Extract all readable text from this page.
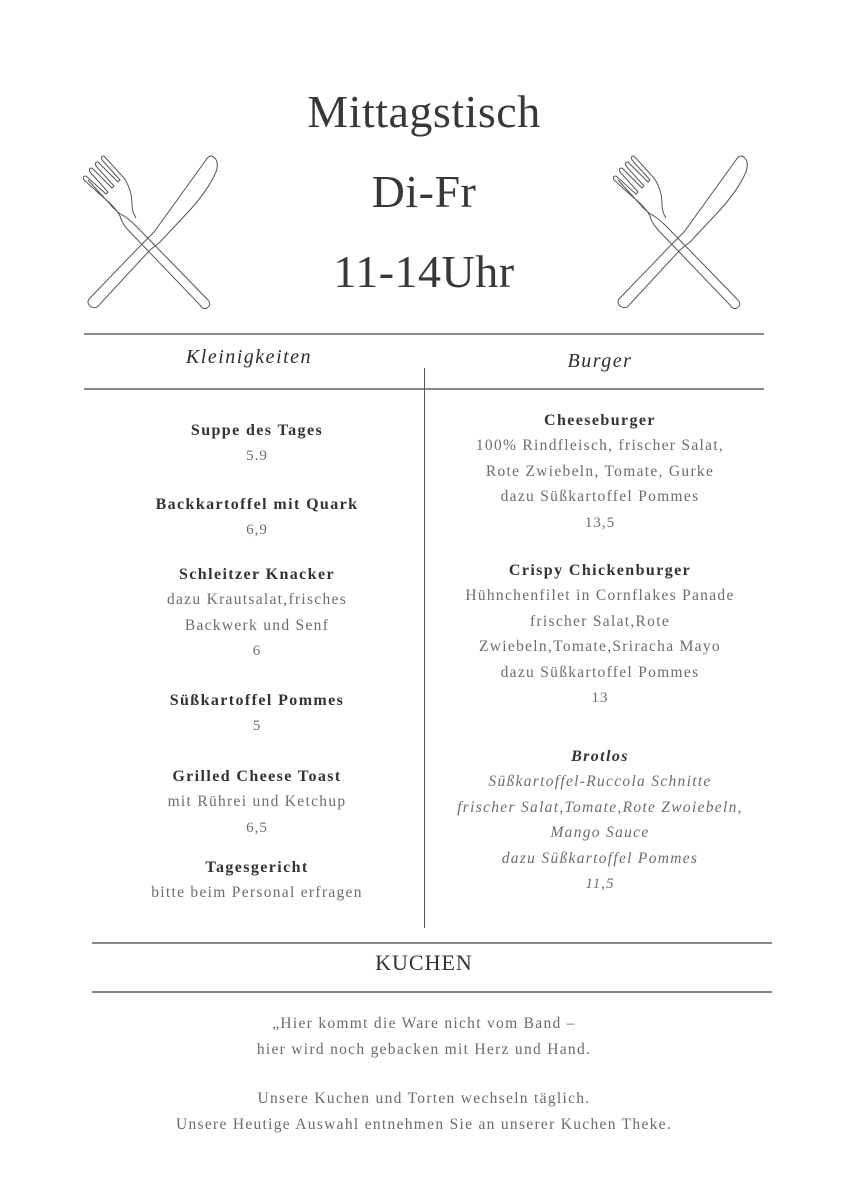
Mittagstisch
Di-Fr
11-14Uhr
Kleinigkeiten	Burger
Suppe des Tages
5.9
Backkartoffel mit Quark
6,9
Schleitzer Knacker
dazu Krautsalat,frisches
Backwerk und Senf
6
Süßkartoffel Pommes
5
Grilled Cheese Toast
mit Rührei und Ketchup
6,5
Tagesgericht
bitte beim Personal erfragen
Cheeseburger
100% Rindfleisch, frischer Salat,
Rote Zwiebeln, Tomate, Gurke
dazu Süßkartoffel Pommes
13,5
Crispy Chickenburger
Hühnchenfilet in Cornflakes Panade
frischer Salat,Rote
Zwiebeln,Tomate,Sriracha Mayo
dazu Süßkartoffel Pommes
13
Brotlos
Süßkartoffel-Ruccola Schnitte
frischer Salat,Tomate,Rote Zwoiebeln,
Mango Sauce
dazu Süßkartoffel Pommes
11,5
KUCHEN
„Hier kommt die Ware nicht vom Band –
hier wird noch gebacken mit Herz und Hand.
Unsere Kuchen und Torten wechseln täglich.
Unsere Heutige Auswahl entnehmen Sie an unserer Kuchen Theke.
